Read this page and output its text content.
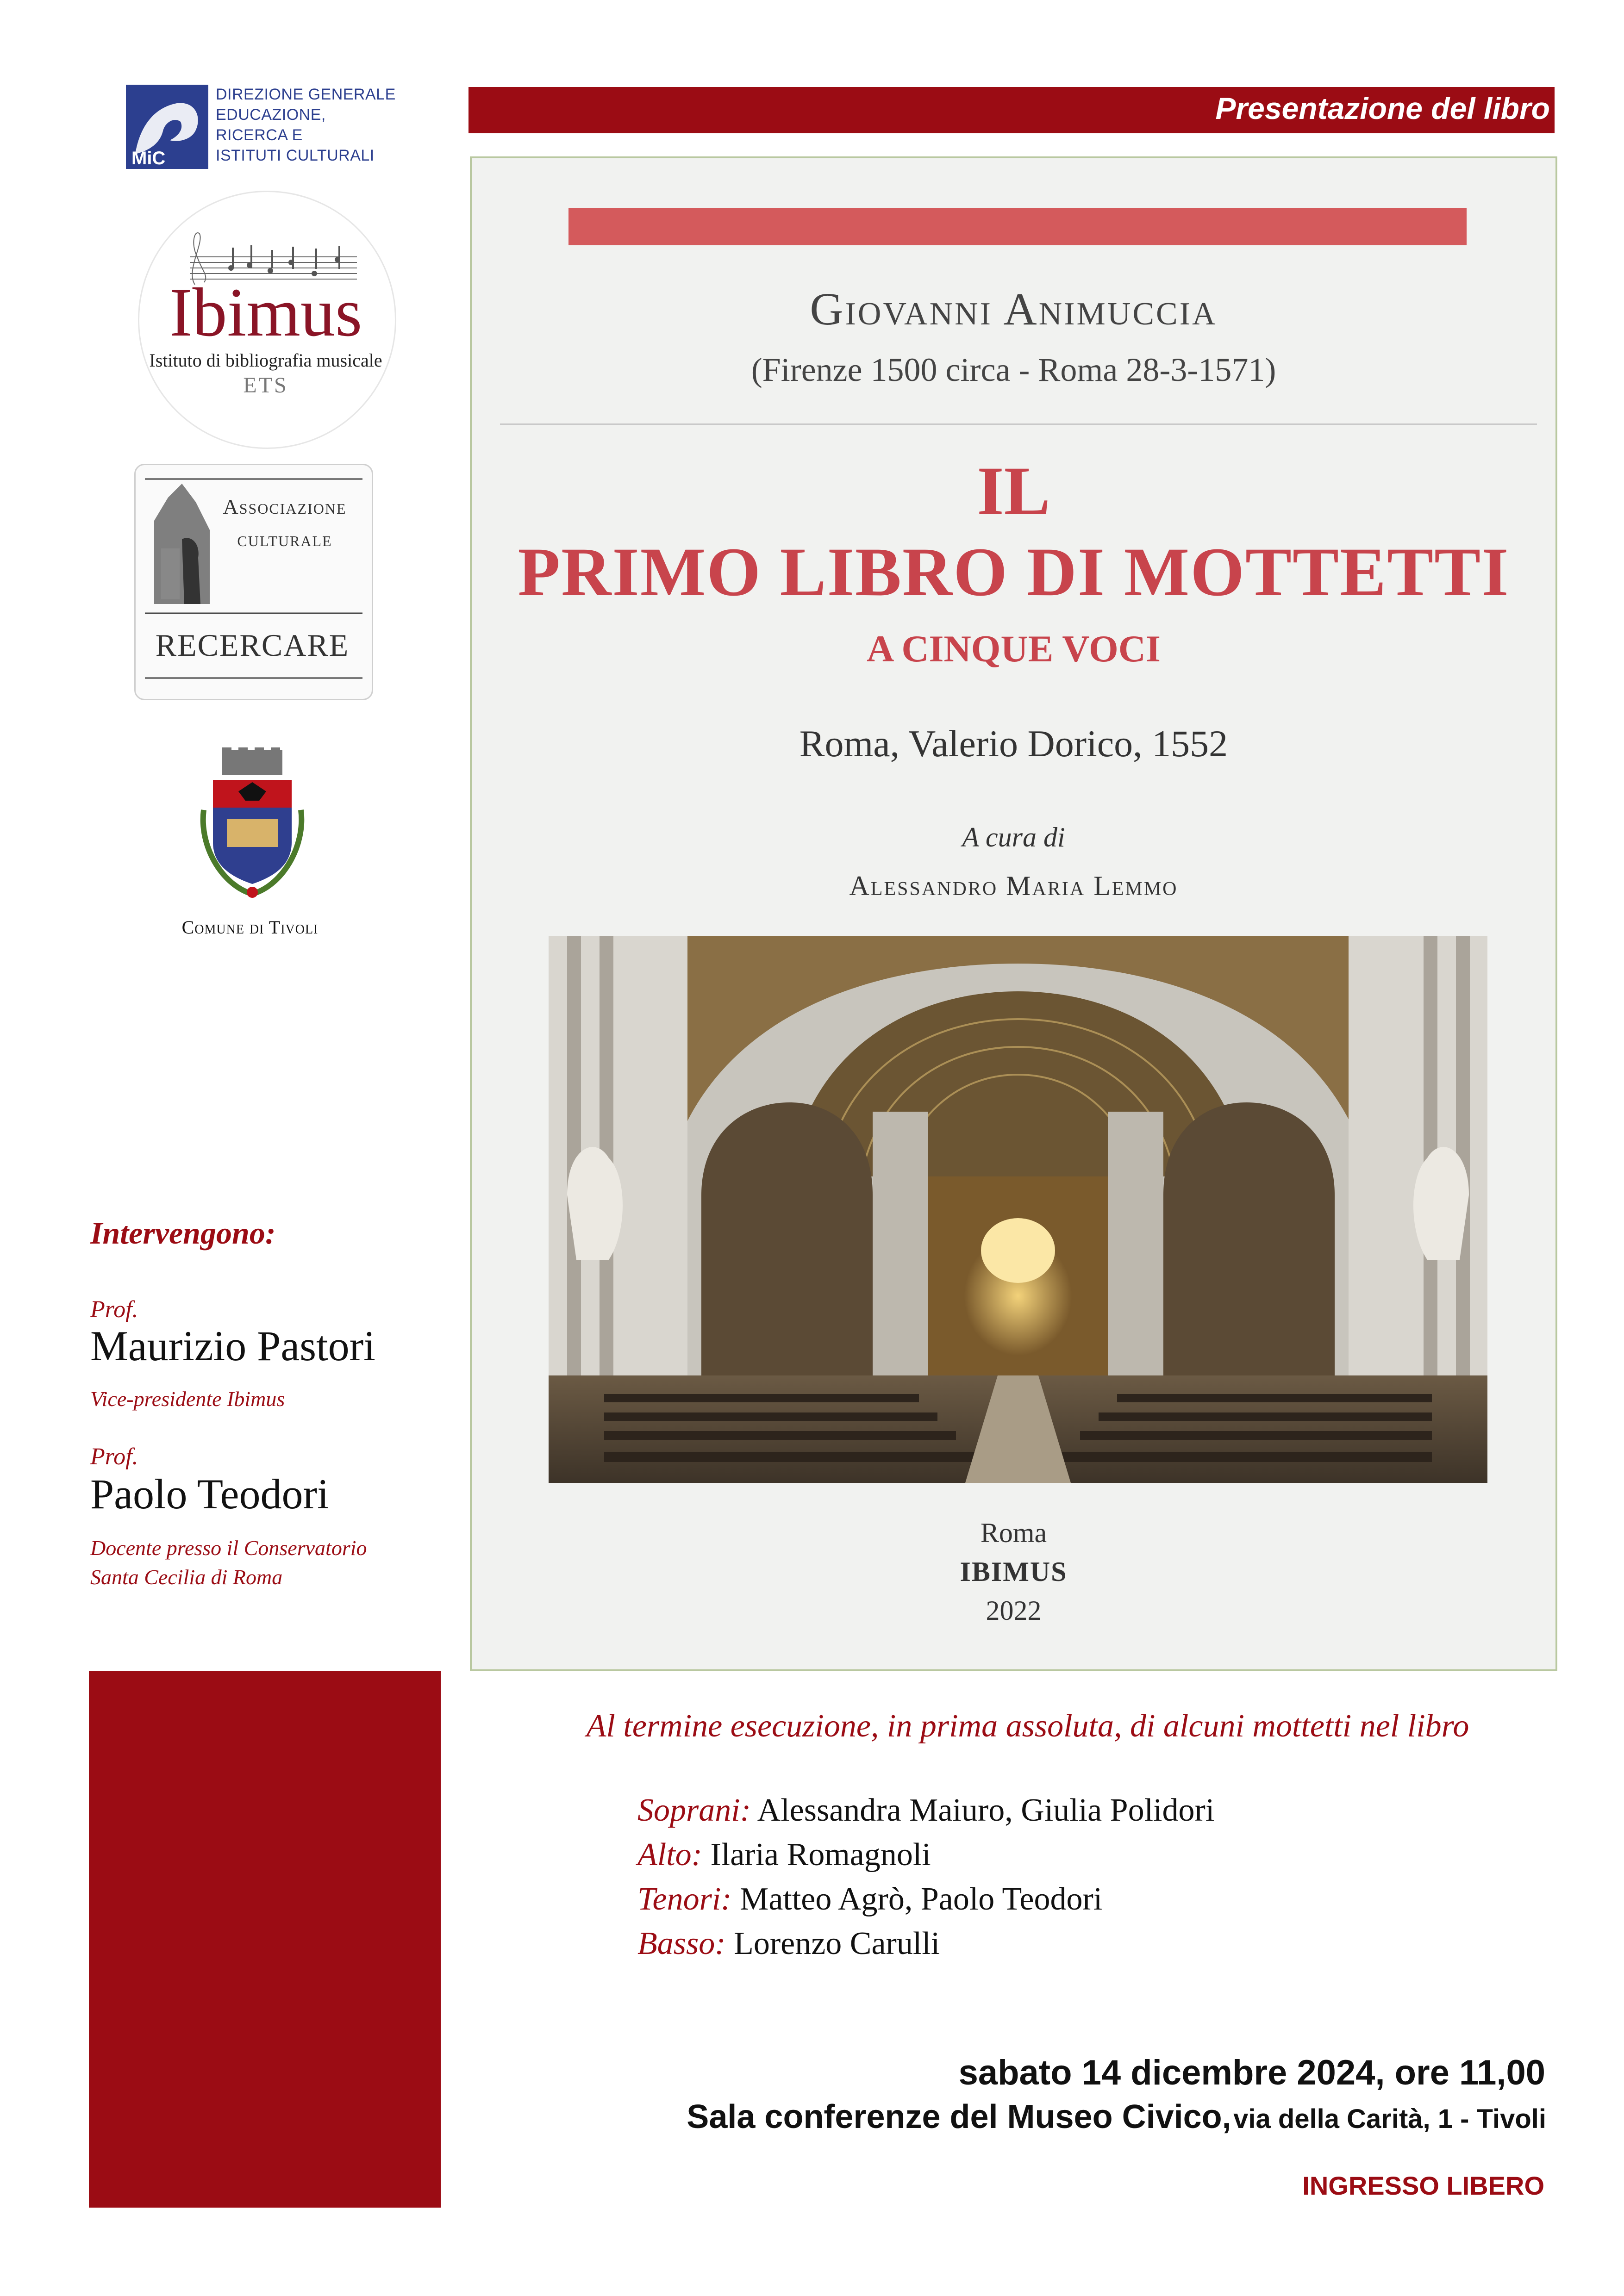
Presentazione del libro
MiC
DIREZIONE GENERALE
EDUCAZIONE,
RICERCA E
ISTITUTI CULTURALI
Ibimus
Istituto di bibliografia musicale
ETS
Associazione
culturale
RECERCARE
Comune di Tivoli
Intervengono:
Prof.
Maurizio Pastori
Vice-presidente Ibimus
Prof.
Paolo Teodori
Docente presso il Conservatorio
Santa Cecilia di Roma
Giovanni Animuccia
(Firenze 1500 circa - Roma 28-3-1571)
IL
PRIMO LIBRO DI MOTTETTI
A CINQUE VOCI
Roma, Valerio Dorico, 1552
A cura di
Alessandro Maria Lemmo
Roma
IBIMUS
2022
Al termine esecuzione, in prima assoluta, di alcuni mottetti nel libro
Soprani: Alessandra Maiuro, Giulia Polidori
Alto: Ilaria Romagnoli
Tenori: Matteo Agrò, Paolo Teodori
Basso: Lorenzo Carulli
sabato 14 dicembre 2024, ore 11,00
Sala conferenze del Museo Civico, via della Carità, 1 - Tivoli
INGRESSO LIBERO
